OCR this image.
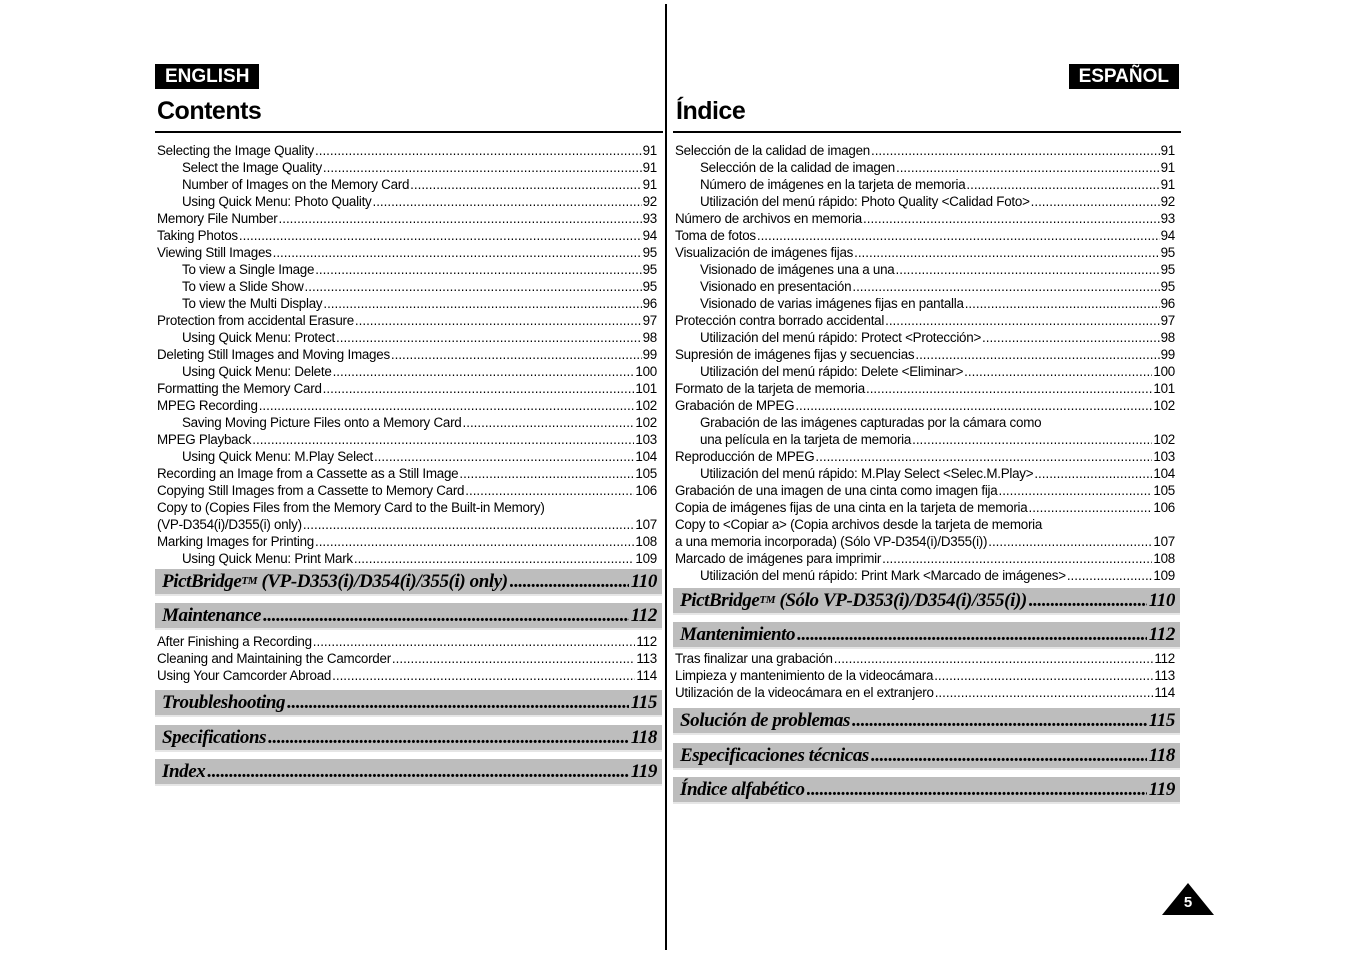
ENGLISH
Contents
Selecting the Image Quality .....	91
Select the Image Quality .....	91
Number of Images on the Memory Card .....	91
Using Quick Menu: Photo Quality .....	92
Memory File Number .....	93
Taking Photos .....	94
Viewing Still Images .....	95
To view a Single Image .....	95
To view a Slide Show .....	95
To view the Multi Display .....	96
Protection from accidental Erasure .....	97
Using Quick Menu: Protect .....	98
Deleting Still Images and Moving Images .....	99
Using Quick Menu: Delete .....	100
Formatting the Memory Card .....	101
MPEG Recording .....	102
Saving Moving Picture Files onto a Memory Card .....	102
MPEG Playback .....	103
Using Quick Menu: M.Play Select .....	104
Recording an Image from a Cassette as a Still Image .....	105
Copying Still Images from a Cassette to Memory Card .....	106
Copy to (Copies Files from the Memory Card to the Built-in Memory)
(VP-D354(i)/D355(i) only) .....	107
Marking Images for Printing .....	108
Using Quick Menu: Print Mark .....	109
PictBridge™ (VP-D353(i)/D354(i)/355(i) only) .....	110
Maintenance .....	112
After Finishing a Recording .....	112
Cleaning and Maintaining the Camcorder .....	113
Using Your Camcorder Abroad .....	114
Troubleshooting .....	115
Specifications .....	118
Index .....	119
ESPAÑOL
Índice
Selección de la calidad de imagen .....	91
Selección de la calidad de imagen .....	91
Número de imágenes en la tarjeta de memoria .....	91
Utilización del menú rápido: Photo Quality <Calidad Foto> .....	92
Número de archivos en memoria .....	93
Toma de fotos .....	94
Visualización de imágenes fijas .....	95
Visionado de imágenes una a una .....	95
Visionado en presentación .....	95
Visionado de varias imágenes fijas en pantalla .....	96
Protección contra borrado accidental .....	97
Utilización del menú rápido: Protect <Protección> .....	98
Supresión de imágenes fijas y secuencias .....	99
Utilización del menú rápido: Delete <Eliminar> .....	100
Formato de la tarjeta de memoria .....	101
Grabación de MPEG .....	102
Grabación de las imágenes capturadas por la cámara como
una película en la tarjeta de memoria .....	102
Reproducción de MPEG .....	103
Utilización del menú rápido: M.Play Select <Selec.M.Play> .....	104
Grabación de una imagen de una cinta como imagen fija .....	105
Copia de imágenes fijas de una cinta en la tarjeta de memoria .....	106
Copy to <Copiar a> (Copia archivos desde la tarjeta de memoria
a una memoria incorporada) (Sólo VP-D354(i)/D355(i)) .....	107
Marcado de imágenes para imprimir .....	108
Utilización del menú rápido: Print Mark <Marcado de imágenes> .....	109
PictBridge™ (Sólo VP-D353(i)/D354(i)/355(i)) .....	110
Mantenimiento .....	112
Tras finalizar una grabación .....	112
Limpieza y mantenimiento de la videocámara .....	113
Utilización de la videocámara en el extranjero .....	114
Solución de problemas .....	115
Especificaciones técnicas .....	118
Índice alfabético .....	119
5
